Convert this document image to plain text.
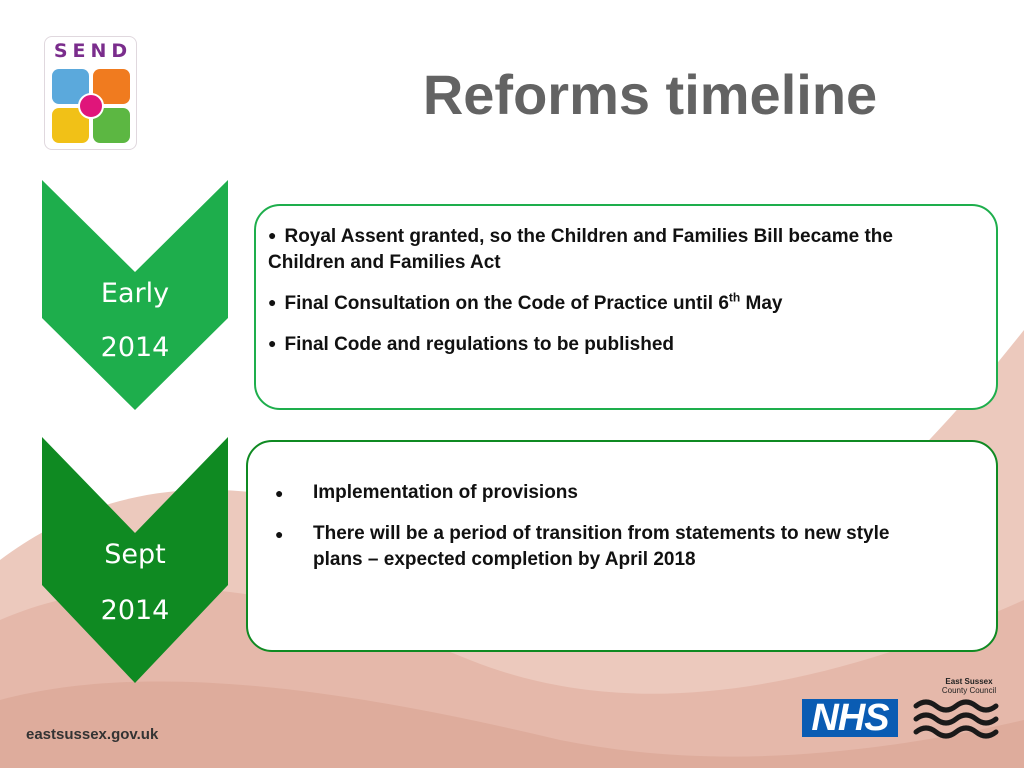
SEND
Reforms timeline
Early
2014
● Royal Assent granted, so the Children and Families Bill became the Children and Families Act
● Final Consultation on the Code of Practice until 6th May
● Final Code and regulations to be published
Sept
2014
● Implementation of provisions
● There will be a period of transition from statements to new style plans – expected completion by April 2018
eastsussex.gov.uk	NHS
East Sussex
County Council
